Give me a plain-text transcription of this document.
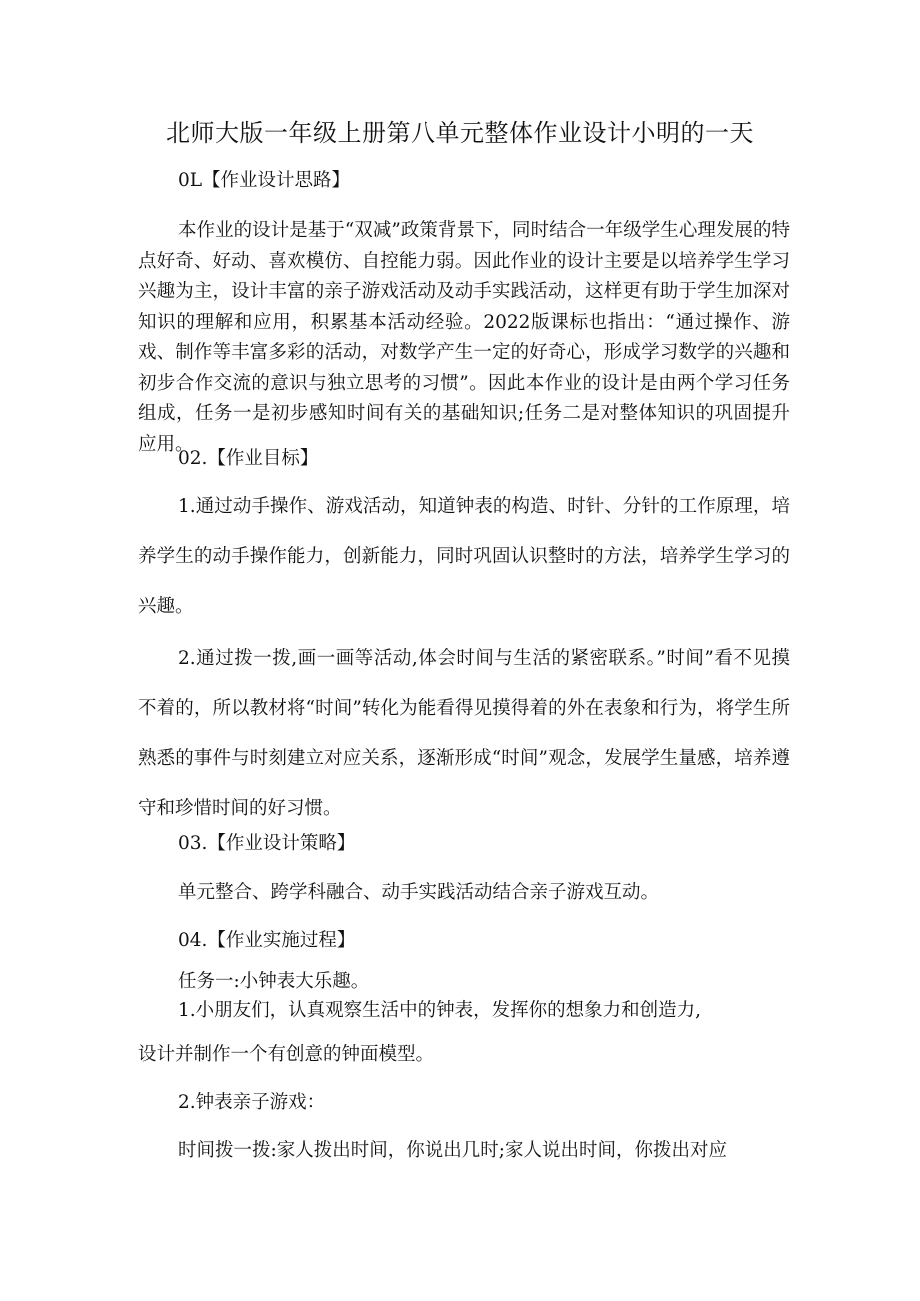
北师大版一年级上册第八单元整体作业设计小明的一天

0L【作业设计思路】

本作业的设计是基于“双减”政策背景下，同时结合一年级学生心理发展的特点好奇、好动、喜欢模仿、自控能力弱。因此作业的设计主要是以培养学生学习兴趣为主，设计丰富的亲子游戏活动及动手实践活动，这样更有助于学生加深对知识的理解和应用，积累基本活动经验。2022版课标也指出：“通过操作、游戏、制作等丰富多彩的活动，对数学产生一定的好奇心，形成学习数学的兴趣和初步合作交流的意识与独立思考的习惯”。因此本作业的设计是由两个学习任务组成，任务一是初步感知时间有关的基础知识;任务二是对整体知识的巩固提升应用。

02.【作业目标】

1.通过动手操作、游戏活动，知道钟表的构造、时针、分针的工作原理，培养学生的动手操作能力，创新能力，同时巩固认识整时的方法，培养学生学习的兴趣。

2.通过拨一拨,画一画等活动,体会时间与生活的紧密联系。”时间”看不见摸不着的，所以教材将“时间”转化为能看得见摸得着的外在表象和行为，将学生所熟悉的事件与时刻建立对应关系，逐渐形成“时间”观念，发展学生量感，培养遵守和珍惜时间的好习惯。

03.【作业设计策略】

单元整合、跨学科融合、动手实践活动结合亲子游戏互动。

04.【作业实施过程】

任务一:小钟表大乐趣。

1.小朋友们，认真观察生活中的钟表，发挥你的想象力和创造力,

设计并制作一个有创意的钟面模型。

2.钟表亲子游戏：

时间拨一拨:家人拨出时间，你说出几时;家人说出时间，你拨出对应
